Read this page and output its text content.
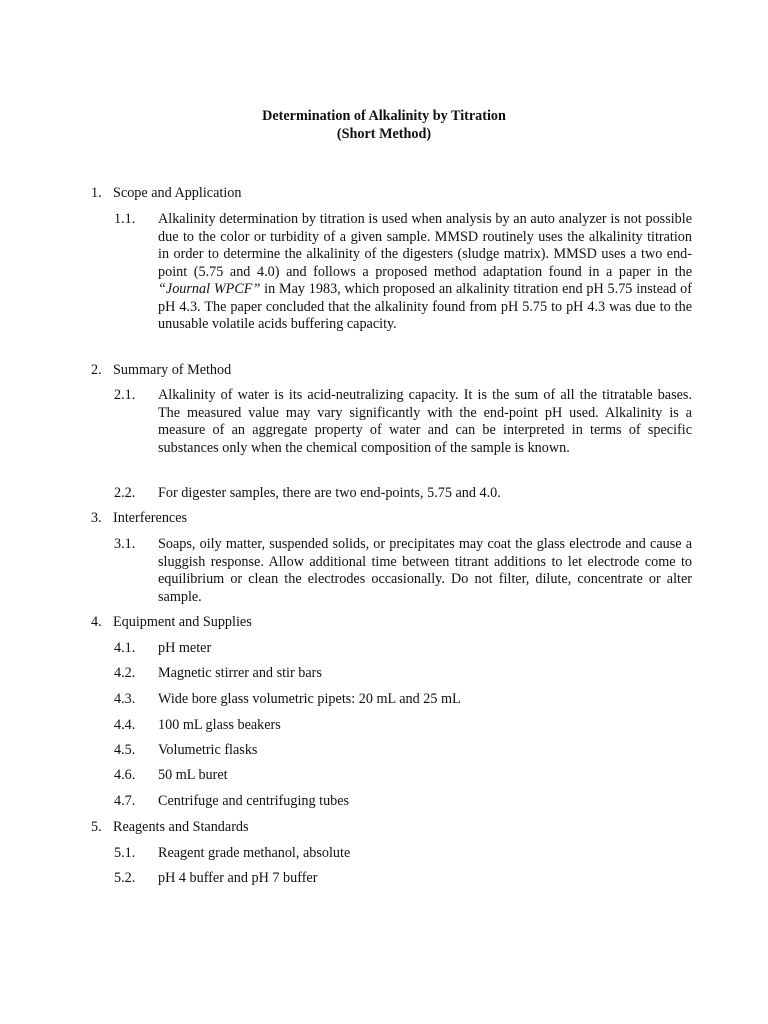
Determination of Alkalinity by Titration
(Short Method)
1. Scope and Application
1.1. Alkalinity determination by titration is used when analysis by an auto analyzer is not possible due to the color or turbidity of a given sample. MMSD routinely uses the alkalinity titration in order to determine the alkalinity of the digesters (sludge matrix). MMSD uses a two end- point (5.75 and 4.0) and follows a proposed method adaptation found in a paper in the “Journal WPCF” in May 1983, which proposed an alkalinity titration end pH 5.75 instead of pH 4.3. The paper concluded that the alkalinity found from pH 5.75 to pH 4.3 was due to the unusable volatile acids buffering capacity.
2. Summary of Method
2.1. Alkalinity of water is its acid-neutralizing capacity. It is the sum of all the titratable bases. The measured value may vary significantly with the end-point pH used. Alkalinity is a measure of an aggregate property of water and can be interpreted in terms of specific substances only when the chemical composition of the sample is known.
2.2. For digester samples, there are two end-points, 5.75 and 4.0.
3. Interferences
3.1. Soaps, oily matter, suspended solids, or precipitates may coat the glass electrode and cause a sluggish response. Allow additional time between titrant additions to let electrode come to equilibrium or clean the electrodes occasionally. Do not filter, dilute, concentrate or alter sample.
4. Equipment and Supplies
4.1. pH meter
4.2. Magnetic stirrer and stir bars
4.3. Wide bore glass volumetric pipets: 20 mL and 25 mL
4.4. 100 mL glass beakers
4.5. Volumetric flasks
4.6. 50 mL buret
4.7. Centrifuge and centrifuging tubes
5. Reagents and Standards
5.1. Reagent grade methanol, absolute
5.2. pH 4 buffer and pH 7 buffer
